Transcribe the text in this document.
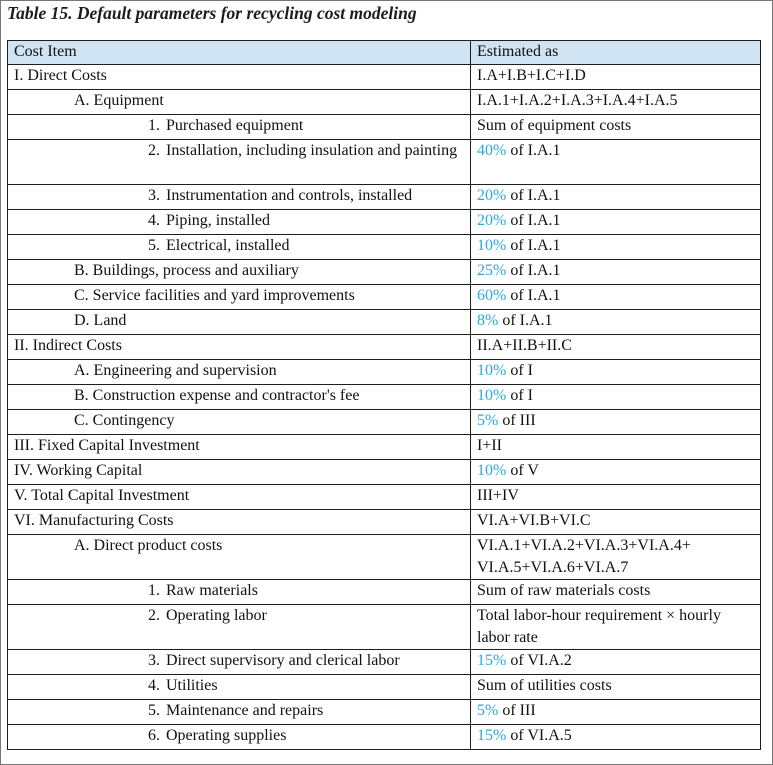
Table 15. Default parameters for recycling cost modeling
Cost Item	Estimated as

I. Direct Costs	I.A+I.B+I.C+I.D

A. Equipment	I.A.1+I.A.2+I.A.3+I.A.4+I.A.5

1. Purchased equipment	Sum of equipment costs

2. Installation, including insulation and painting	40% of I.A.1

3. Instrumentation and controls, installed	20% of I.A.1

4. Piping, installed	20% of I.A.1

5. Electrical, installed	10% of I.A.1

B. Buildings, process and auxiliary	25% of I.A.1

C. Service facilities and yard improvements	60% of I.A.1

D. Land	8% of I.A.1

II. Indirect Costs	II.A+II.B+II.C

A. Engineering and supervision	10% of I

B. Construction expense and contractor's fee	10% of I

C. Contingency	5% of III

III. Fixed Capital Investment	I+II

IV. Working Capital	10% of V

V. Total Capital Investment	III+IV

VI. Manufacturing Costs	VI.A+VI.B+VI.C

A. Direct product costs	VI.A.1+VI.A.2+VI.A.3+VI.A.4+ VI.A.5+VI.A.6+VI.A.7

1. Raw materials	Sum of raw materials costs

2. Operating labor	Total labor-hour requirement × hourly labor rate

3. Direct supervisory and clerical labor	15% of VI.A.2

4. Utilities	Sum of utilities costs

5. Maintenance and repairs	5% of III

6. Operating supplies	15% of VI.A.5
